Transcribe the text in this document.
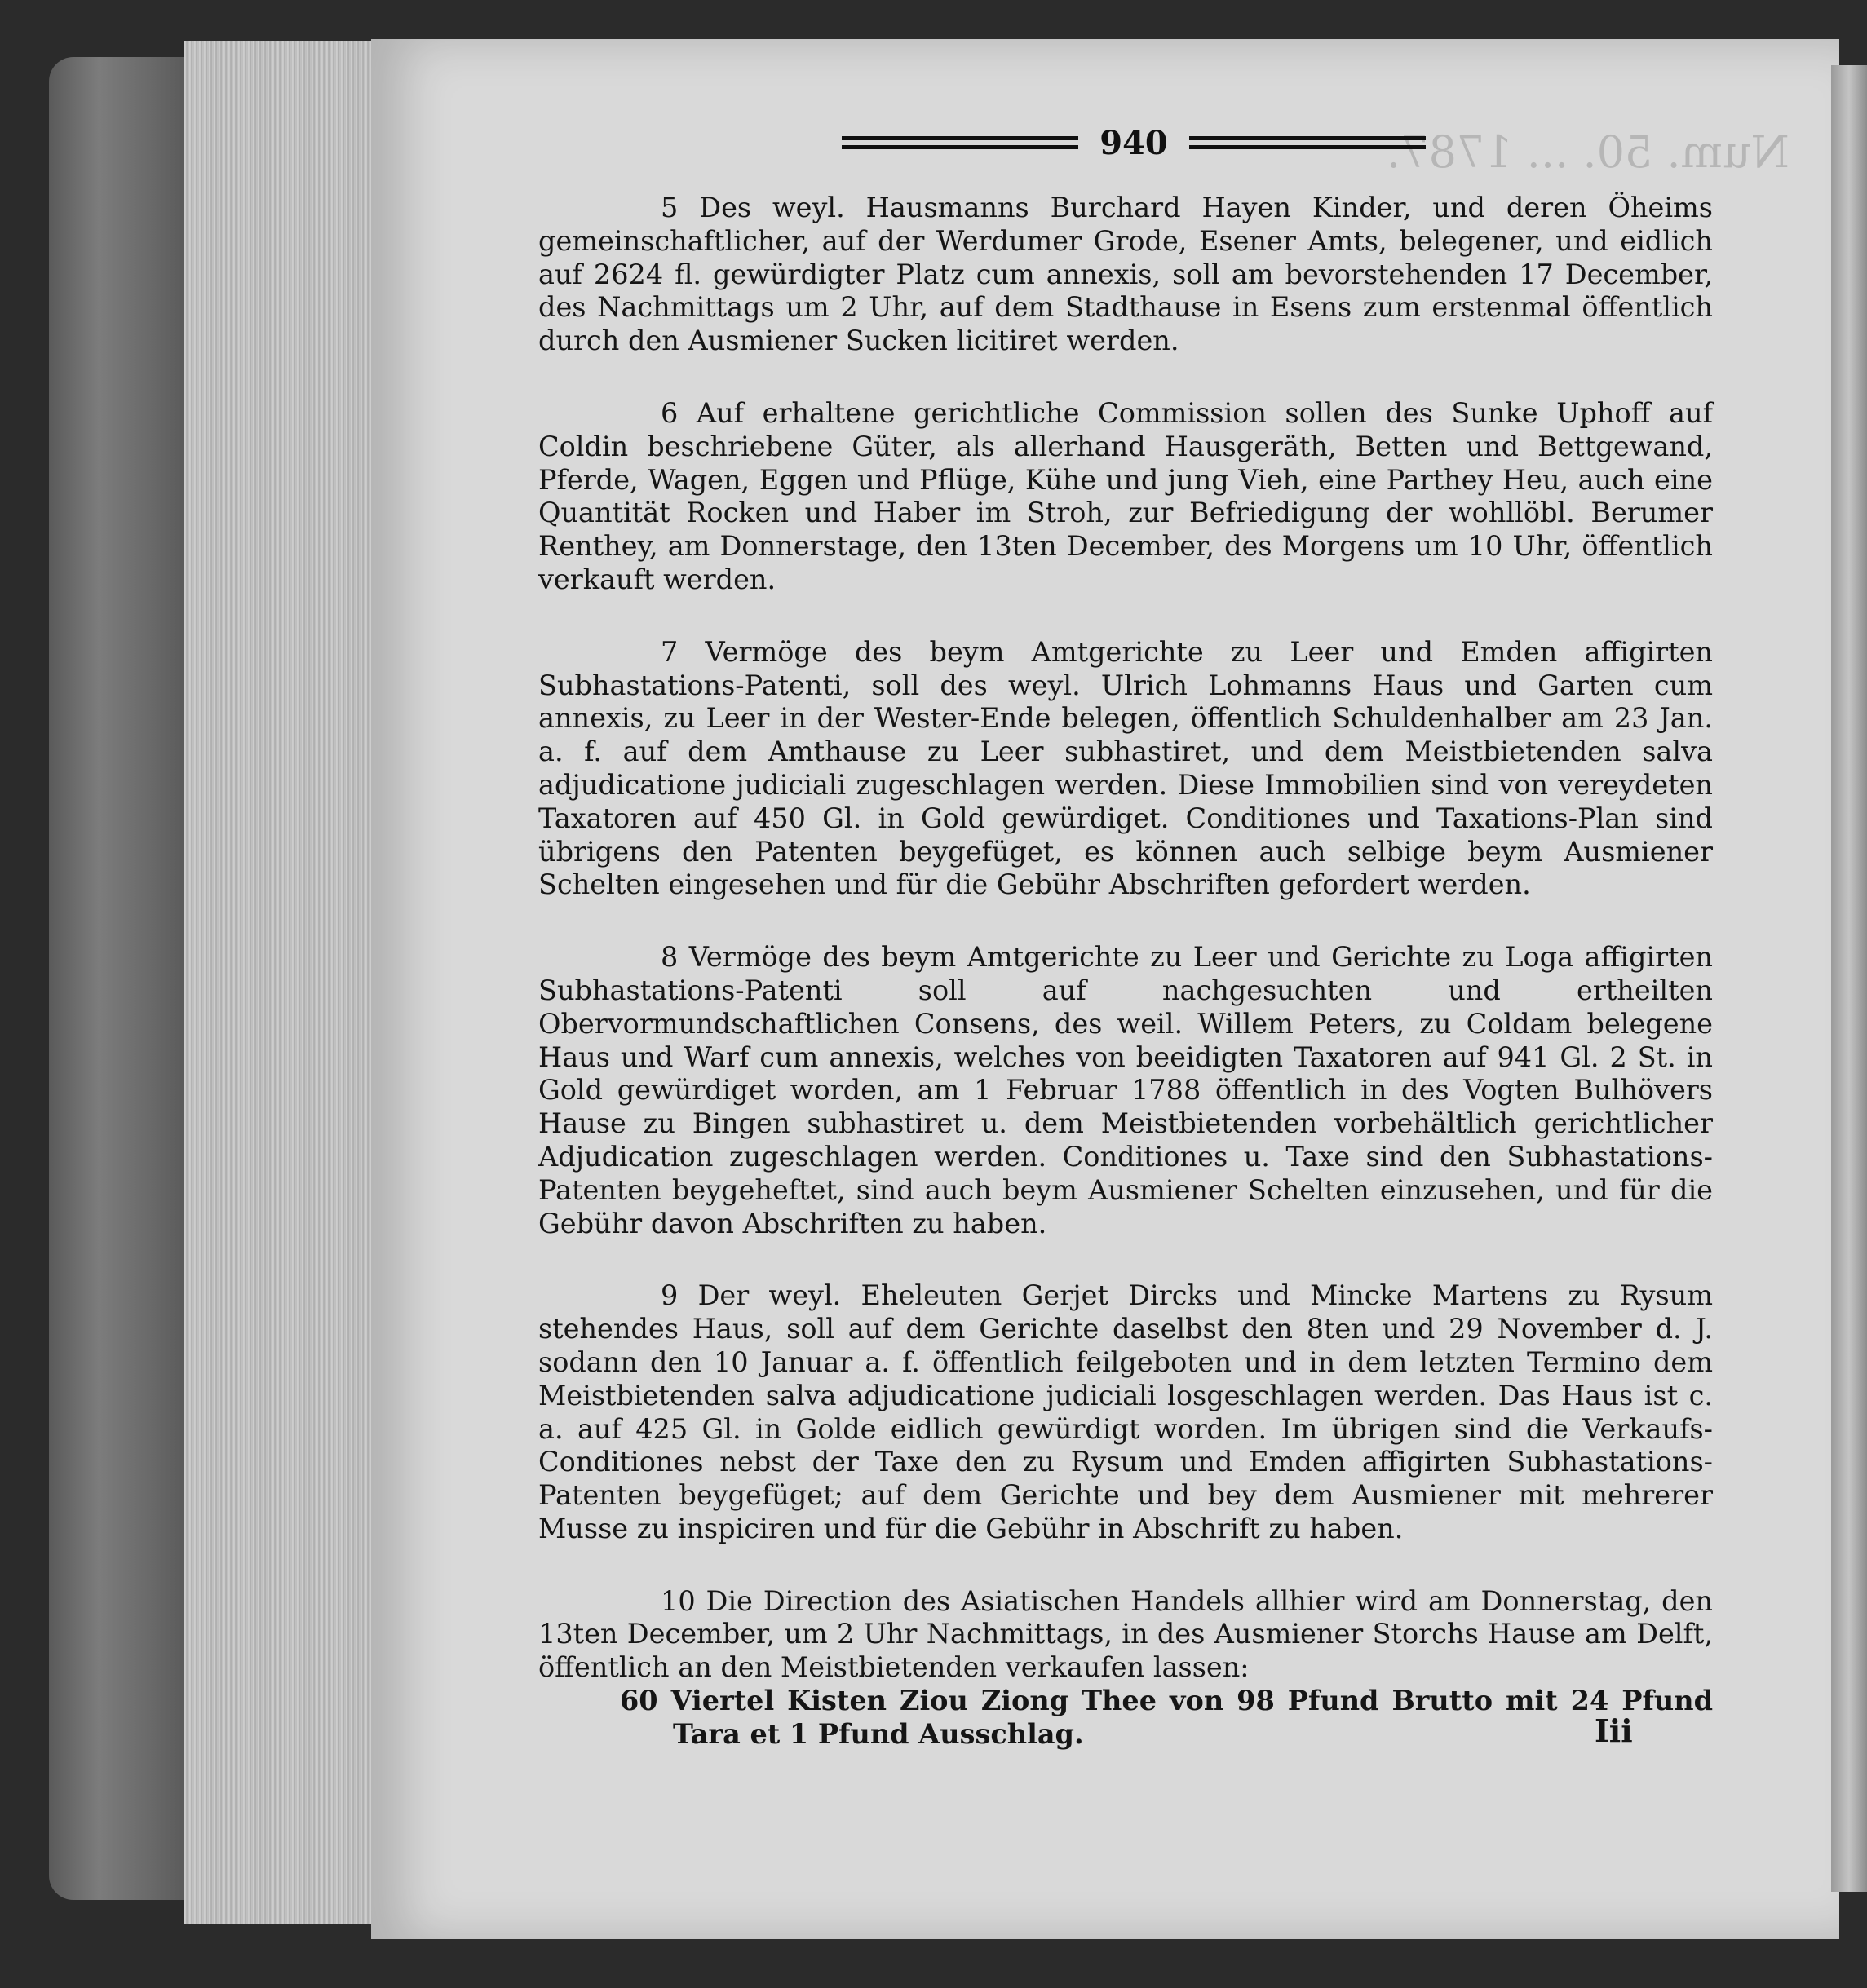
Num. 50. ... 1787.
940

5 Des weyl. Hausmanns Burchard Hayen Kinder, und deren Öheims gemeinschaftlicher, auf der Werdumer Grode, Esener Amts, belegener, und eidlich auf 2624 fl. gewürdigter Platz cum annexis, soll am bevorstehenden 17 December, des Nachmittags um 2 Uhr, auf dem Stadthause in Esens zum erstenmal öffentlich durch den Ausmiener Sucken licitiret werden.

6 Auf erhaltene gerichtliche Commission sollen des Sunke Uphoff auf Coldin beschriebene Güter, als allerhand Hausgeräth, Betten und Bettgewand, Pferde, Wagen, Eggen und Pflüge, Kühe und jung Vieh, eine Parthey Heu, auch eine Quantität Rocken und Haber im Stroh, zur Befriedigung der wohllöbl. Berumer Renthey, am Donnerstage, den 13ten December, des Morgens um 10 Uhr, öffentlich verkauft werden.

7 Vermöge des beym Amtgerichte zu Leer und Emden affigirten Subhastations-Patenti, soll des weyl. Ulrich Lohmanns Haus und Garten cum annexis, zu Leer in der Wester-Ende belegen, öffentlich Schuldenhalber am 23 Jan. a. f. auf dem Amthause zu Leer subhastiret, und dem Meistbietenden salva adjudicatione judiciali zugeschlagen werden. Diese Immobilien sind von vereydeten Taxatoren auf 450 Gl. in Gold gewürdiget. Conditiones und Taxations-Plan sind übrigens den Patenten beygefüget, es können auch selbige beym Ausmiener Schelten eingesehen und für die Gebühr Abschriften gefordert werden.

8 Vermöge des beym Amtgerichte zu Leer und Gerichte zu Loga affigirten Subhastations-Patenti soll auf nachgesuchten und ertheilten Obervormundschaftlichen Consens, des weil. Willem Peters, zu Coldam belegene Haus und Warf cum annexis, welches von beeidigten Taxatoren auf 941 Gl. 2 St. in Gold gewürdiget worden, am 1 Februar 1788 öffentlich in des Vogten Bulhövers Hause zu Bingen subhastiret u. dem Meistbietenden vorbehältlich gerichtlicher Adjudication zugeschlagen werden. Conditiones u. Taxe sind den Subhastations-Patenten beygeheftet, sind auch beym Ausmiener Schelten einzusehen, und für die Gebühr davon Abschriften zu haben.

9 Der weyl. Eheleuten Gerjet Dircks und Mincke Martens zu Rysum stehendes Haus, soll auf dem Gerichte daselbst den 8ten und 29 November d. J. sodann den 10 Januar a. f. öffentlich feilgeboten und in dem letzten Termino dem Meistbietenden salva adjudicatione judiciali losgeschlagen werden. Das Haus ist c. a. auf 425 Gl. in Golde eidlich gewürdigt worden. Im übrigen sind die Verkaufs-Conditiones nebst der Taxe den zu Rysum und Emden affigirten Subhastations-Patenten beygefüget; auf dem Gerichte und bey dem Ausmiener mit mehrerer Musse zu inspiciren und für die Gebühr in Abschrift zu haben.

10 Die Direction des Asiatischen Handels allhier wird am Donnerstag, den 13ten December, um 2 Uhr Nachmittags, in des Ausmiener Storchs Hause am Delft, öffentlich an den Meistbietenden verkaufen lassen:

60 Viertel Kisten Ziou Ziong Thee von 98 Pfund Brutto mit 24 Pfund Tara et 1 Pfund Ausschlag.	Iii
